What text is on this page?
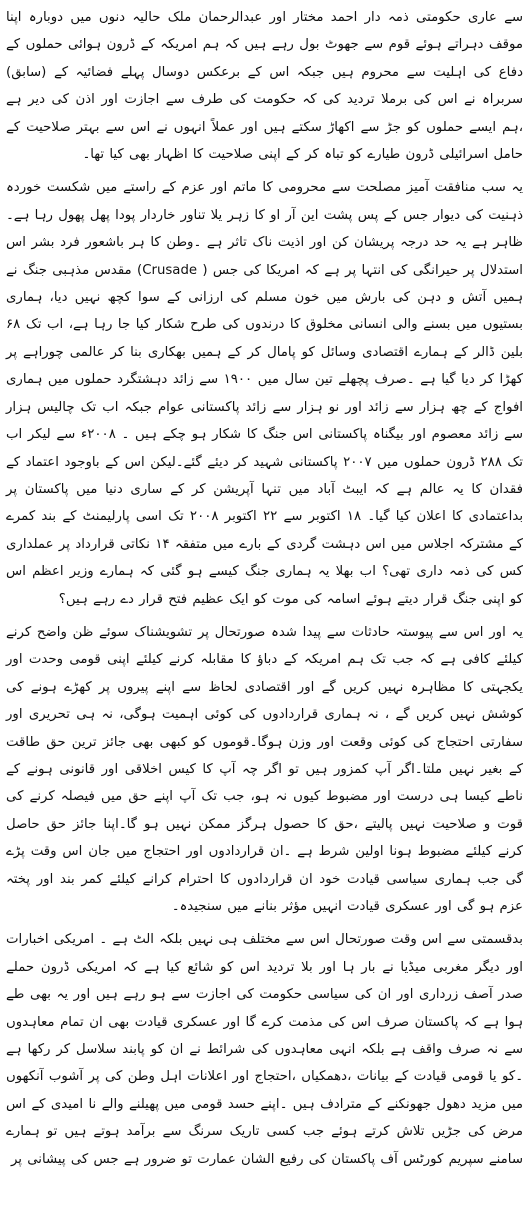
سے عاری حکومتی ذمہ دار احمد مختار اور عبدالرحمان ملک حالیہ دنوں میں دوبارہ اپنا موقف دہراتے ہوئے قوم سے جھوٹ بول رہے ہیں کہ ہم امریکہ کے ڈرون ہوائی حملوں کے دفاع کی اہلیت سے محروم ہیں جبکہ اس کے برعکس دوسال پہلے فضائیہ کے (سابق) سربراہ نے اس کی برملا تردید کی کہ حکومت کی طرف سے اجازت اور اذن کی دیر ہے ،ہم ایسے حملوں کو جڑ سے اکھاڑ سکتے ہیں اور عملاً انہوں نے اس سے بہتر صلاحیت کے حامل اسرائیلی ڈرون طیارے کو تباہ کر کے اپنی صلاحیت کا اظہار بھی کیا تھا۔

یہ سب منافقت آمیز مصلحت سے محرومی کا ماتم اور عزم کے راستے میں شکست خوردہ ذہنیت کی دیوار جس کے پس پشت این آر او کا زہر یلا تناور خاردار پودا پھل پھول رہا ہے۔ظاہر ہے یہ حد درجہ پریشان کن اور اذیت ناک تاثر ہے ۔وطن کا ہر باشعور فرد بشر اس استدلال پر حیرانگی کی انتہا پر ہے کہ امریکا کی جس ( Crusade) مقدس مذہبی جنگ نے ہمیں آتش و دہن کی بارش میں خون مسلم کی ارزانی کے سوا کچھ نہیں دیا، ہماری بستیوں میں بسنے والی انسانی مخلوق کا درندوں کی طرح شکار کیا جا رہا ہے، اب تک ۶۸ بلین ڈالر کے ہمارے اقتصادی وسائل کو پامال کر کے ہمیں بھکاری بنا کر عالمی چوراہے پر کھڑا کر دیا گیا ہے ۔صرف پچھلے تین سال میں ۱۹۰۰ سے زائد دہشتگرد حملوں میں ہماری افواج کے چھ ہزار سے زائد اور نو ہزار سے زائد پاکستانی عوام جبکہ اب تک چالیس ہزار سے زائد معصوم اور بیگناہ پاکستانی اس جنگ کا شکار ہو چکے ہیں ۔ ۲۰۰۸ء سے لیکر اب تک ۲۸۸ ڈرون حملوں میں ۲۰۰۷ پاکستانی شہید کر دیئے گئے۔لیکن اس کے باوجود اعتماد کے فقدان کا یہ عالم ہے کہ ایبٹ آباد میں تنہا آپریشن کر کے ساری دنیا میں پاکستان پر بداعتمادی کا اعلان کیا گیا۔ ۱۸ اکتوبر سے ۲۲ اکتوبر ۲۰۰۸ تک اسی پارلیمنٹ کے بند کمرے کے مشترکہ اجلاس میں اس دہشت گردی کے بارے میں متفقہ ۱۴ نکاتی قرارداد پر عملداری کس کی ذمہ داری تھی؟ اب بھلا یہ ہماری جنگ کیسے ہو گئی کہ ہمارے وزیر اعظم اس کو اپنی جنگ قرار دیتے ہوئے اسامہ کی موت کو ایک عظیم فتح قرار دے رہے ہیں؟

یہ اور اس سے پیوستہ حادثات سے پیدا شدہ صورتحال پر تشویشناک سوئے ظن واضح کرنے کیلئے کافی ہے کہ جب تک ہم امریکہ کے دباؤ کا مقابلہ کرنے کیلئے اپنی قومی وحدت اور یکجہتی کا مظاہرہ نہیں کریں گے اور اقتصادی لحاظ سے اپنے پیروں پر کھڑے ہونے کی کوشش نہیں کریں گے ، نہ ہماری قراردادوں کی کوئی اہمیت ہوگی، نہ ہی تحریری اور سفارتی احتجاج کی کوئی وقعت اور وزن ہوگا۔قوموں کو کبھی بھی جائز ترین حق طاقت کے بغیر نہیں ملتا۔اگر آپ کمزور ہیں تو اگر چہ آپ کا کیس اخلاقی اور قانونی ہونے کے ناطے کیسا ہی درست اور مضبوط کیوں نہ ہو، جب تک آپ اپنے حق میں فیصلہ کرنے کی قوت و صلاحیت نہیں پالیتے ،حق کا حصول ہرگز ممکن نہیں ہو گا۔اپنا جائز حق حاصل کرنے کیلئے مضبوط ہونا اولین شرط ہے ۔ان قراردادوں اور احتجاج میں جان اس وقت پڑے گی جب ہماری سیاسی قیادت خود ان قراردادوں کا احترام کرانے کیلئے کمر بند اور پختہ عزم ہو گی اور عسکری قیادت انہیں مؤثر بنانے میں سنجیدہ۔

بدقسمتی سے اس وقت صورتحال اس سے مختلف ہی نہیں بلکہ الٹ ہے ۔ امریکی اخبارات اور دیگر مغربی میڈیا نے بار ہا اور بلا تردید اس کو شائع کیا ہے کہ امریکی ڈرون حملے صدر آصف زرداری اور ان کی سیاسی حکومت کی اجازت سے ہو رہے ہیں اور یہ بھی طے ہوا ہے کہ پاکستان صرف اس کی مذمت کرے گا اور عسکری قیادت بھی ان تمام معاہدوں سے نہ صرف واقف ہے بلکہ انہی معاہدوں کی شرائط نے ان کو پابند سلاسل کر رکھا ہے ۔کو یا قومی قیادت کے بیانات ،دھمکیاں ،احتجاج اور اعلانات اہل وطن کی پر آشوب آنکھوں میں مزید دھول جھونکنے کے مترادف ہیں ۔اپنے حسد قومی میں پھیلنے والے نا امیدی کے اس مرض کی جڑیں تلاش کرتے ہوئے جب کسی تاریک سرنگ سے برآمد ہوتے ہیں تو ہمارے سامنے سپریم کورٹس آف پاکستان کی رفیع الشان عمارت تو ضرور ہے جس کی پیشانی پر
